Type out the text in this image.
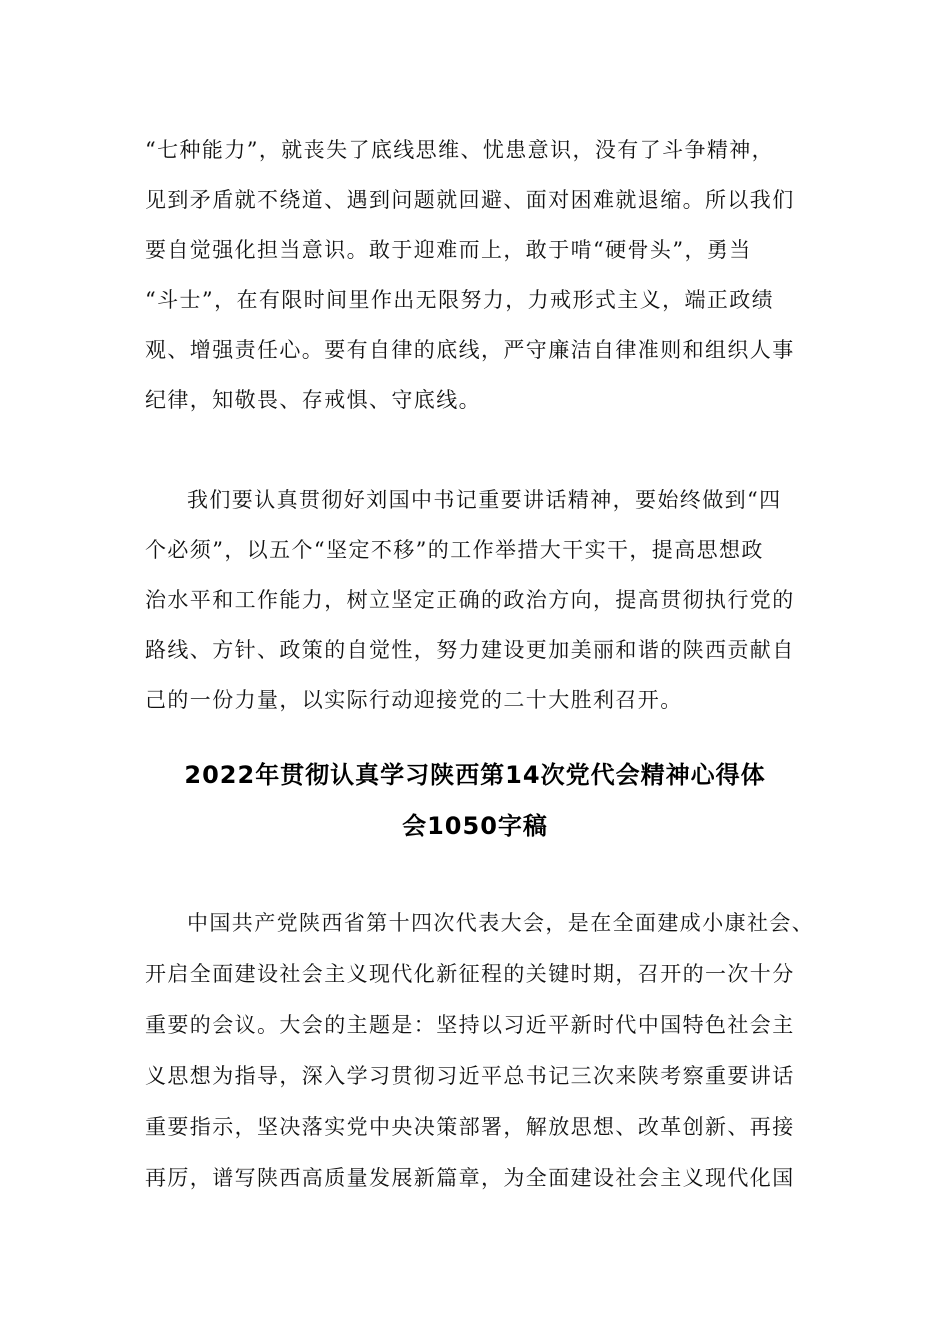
“七种能力”，就丧失了底线思维、忧患意识，没有了斗争精神，
见到矛盾就不绕道、遇到问题就回避、面对困难就退缩。所以我们
要自觉强化担当意识。敢于迎难而上，敢于啃“硬骨头”，勇当
“斗士”，在有限时间里作出无限努力，力戒形式主义，端正政绩
观、增强责任心。要有自律的底线，严守廉洁自律准则和组织人事
纪律，知敬畏、存戒惧、守底线。
我们要认真贯彻好刘国中书记重要讲话精神，要始终做到“四
个必须”，以五个“坚定不移”的工作举措大干实干，提高思想政
治水平和工作能力，树立坚定正确的政治方向，提高贯彻执行党的
路线、方针、政策的自觉性，努力建设更加美丽和谐的陕西贡献自
己的一份力量，以实际行动迎接党的二十大胜利召开。
2022年贯彻认真学习陕西第14次党代会精神心得体
会1050字稿
中国共产党陕西省第十四次代表大会，是在全面建成小康社会、
开启全面建设社会主义现代化新征程的关键时期，召开的一次十分
重要的会议。大会的主题是：坚持以习近平新时代中国特色社会主
义思想为指导，深入学习贯彻习近平总书记三次来陕考察重要讲话
重要指示，坚决落实党中央决策部署，解放思想、改革创新、再接
再厉，谱写陕西高质量发展新篇章，为全面建设社会主义现代化国
